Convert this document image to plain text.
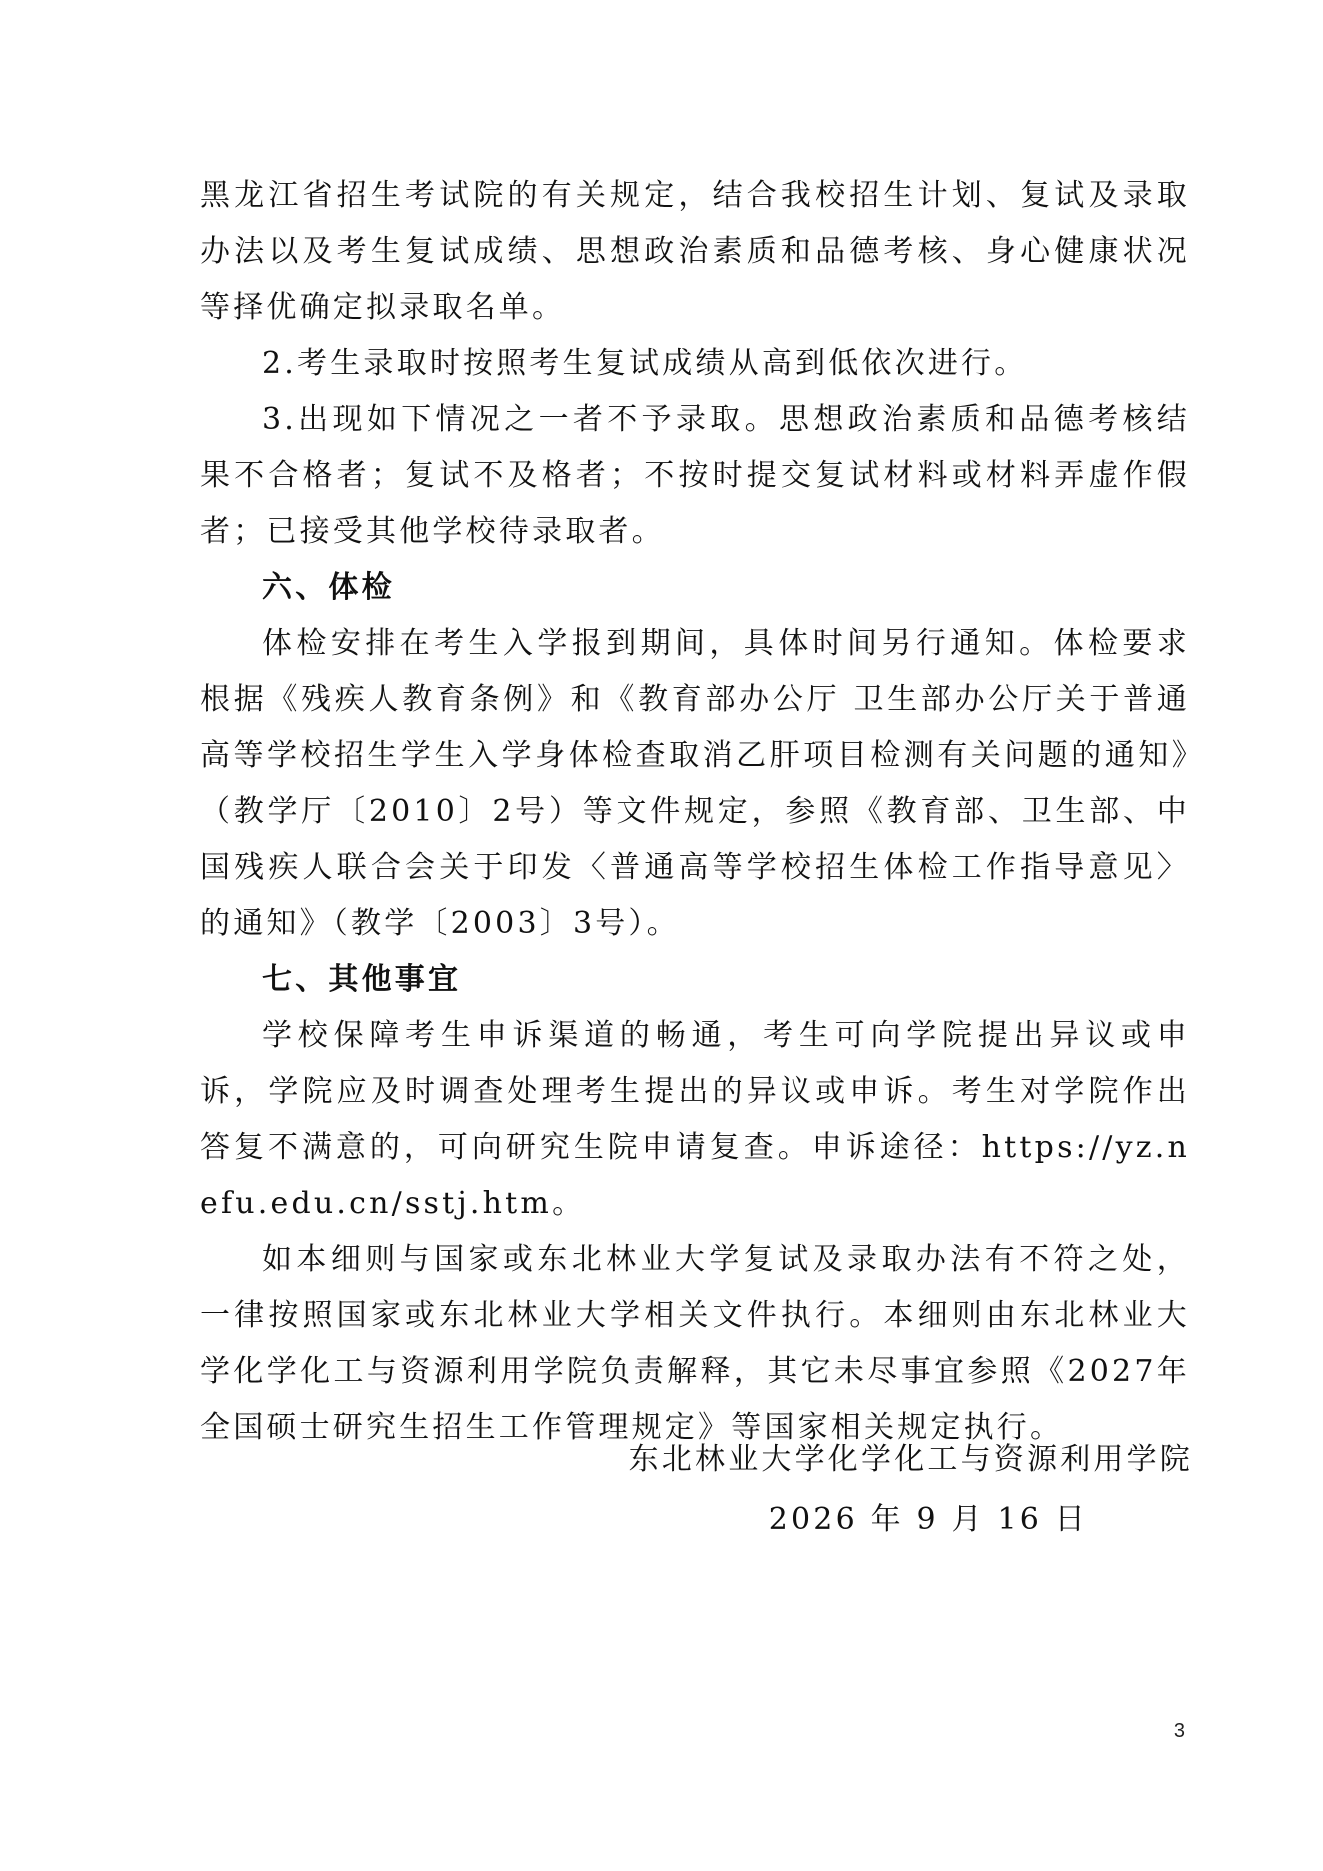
黑龙江省招生考试院的有关规定，结合我校招生计划、复试及录取办法以及考生复试成绩、思想政治素质和品德考核、身心健康状况等择优确定拟录取名单。

2.考生录取时按照考生复试成绩从高到低依次进行。

3.出现如下情况之一者不予录取。思想政治素质和品德考核结果不合格者；复试不及格者；不按时提交复试材料或材料弄虚作假者；已接受其他学校待录取者。

六、体检

体检安排在考生入学报到期间，具体时间另行通知。体检要求根据《残疾人教育条例》和《教育部办公厅 卫生部办公厅关于普通高等学校招生学生入学身体检查取消乙肝项目检测有关问题的通知》（教学厅〔2010〕2号）等文件规定，参照《教育部、卫生部、中国残疾人联合会关于印发〈普通高等学校招生体检工作指导意见〉的通知》（教学〔2003〕3号）。

七、其他事宜

学校保障考生申诉渠道的畅通，考生可向学院提出异议或申诉，学院应及时调查处理考生提出的异议或申诉。考生对学院作出答复不满意的，可向研究生院申请复查。申诉途径：https://yz.nefu.edu.cn/sstj.htm。

如本细则与国家或东北林业大学复试及录取办法有不符之处，一律按照国家或东北林业大学相关文件执行。本细则由东北林业大学化学化工与资源利用学院负责解释，其它未尽事宜参照《2027年全国硕士研究生招生工作管理规定》等国家相关规定执行。

东北林业大学化学化工与资源利用学院
2026 年 9 月 16 日
3
